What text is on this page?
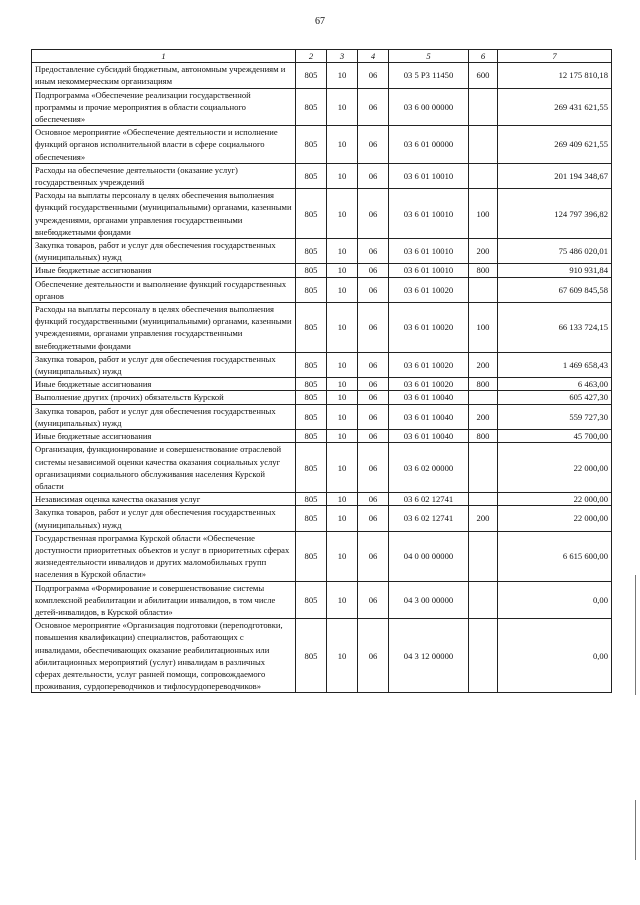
67
1	2	3	4	5	6	7
Предоставление субсидий бюджетным, автономным учреждениям и иным некоммерческим организациям	805	10	06	03 5 Р3 11450	600	12 175 810,18
Подпрограмма «Обеспечение реализации государственной программы и прочие мероприятия в области социального обеспечения»	805	10	06	03 6 00 00000		269 431 621,55
Основное мероприятие «Обеспечение деятельности и исполнение функций органов исполнительной власти в сфере социального обеспечения»	805	10	06	03 6 01 00000		269 409 621,55
Расходы на обеспечение деятельности (оказание услуг) государственных учреждений	805	10	06	03 6 01 10010		201 194 348,67
Расходы на выплаты персоналу в целях обеспечения выполнения функций государственными (муниципальными) органами, казенными учреждениями, органами управления государственными внебюджетными фондами	805	10	06	03 6 01 10010	100	124 797 396,82
Закупка товаров, работ и услуг для обеспечения государственных (муниципальных) нужд	805	10	06	03 6 01 10010	200	75 486 020,01
Иные бюджетные ассигнования	805	10	06	03 6 01 10010	800	910 931,84
Обеспечение деятельности и выполнение функций государственных органов	805	10	06	03 6 01 10020		67 609 845,58
Расходы на выплаты персоналу в целях обеспечения выполнения функций государственными (муниципальными) органами, казенными учреждениями, органами управления государственными внебюджетными фондами	805	10	06	03 6 01 10020	100	66 133 724,15
Закупка товаров, работ и услуг для обеспечения государственных (муниципальных) нужд	805	10	06	03 6 01 10020	200	1 469 658,43
Иные бюджетные ассигнования	805	10	06	03 6 01 10020	800	6 463,00
Выполнение других (прочих) обязательств Курской	805	10	06	03 6 01 10040		605 427,30
Закупка товаров, работ и услуг для обеспечения государственных (муниципальных) нужд	805	10	06	03 6 01 10040	200	559 727,30
Иные бюджетные ассигнования	805	10	06	03 6 01 10040	800	45 700,00
Организация, функционирование и совершенствование отраслевой системы независимой оценки качества оказания социальных услуг организациями социального обслуживания населения Курской области	805	10	06	03 6 02 00000		22 000,00
Независимая оценка качества оказания услуг	805	10	06	03 6 02 12741		22 000,00
Закупка товаров, работ и услуг для обеспечения государственных (муниципальных) нужд	805	10	06	03 6 02 12741	200	22 000,00
Государственная программа Курской области «Обеспечение доступности приоритетных объектов и услуг в приоритетных сферах жизнедеятельности инвалидов и других маломобильных групп населения в Курской области»	805	10	06	04 0 00 00000		6 615 600,00
Подпрограмма «Формирование и совершенствование системы комплексной реабилитации и абилитации инвалидов, в том числе детей-инвалидов, в Курской области»	805	10	06	04 3 00 00000		0,00
Основное мероприятие «Организация подготовки (переподготовки, повышения квалификации) специалистов, работающих с инвалидами, обеспечивающих оказание реабилитационных или абилитационных мероприятий (услуг) инвалидам в различных сферах деятельности, услуг ранней помощи, сопровождаемого проживания, сурдопереводчиков и тифлосурдопереводчиков»	805	10	06	04 3 12 00000		0,00
